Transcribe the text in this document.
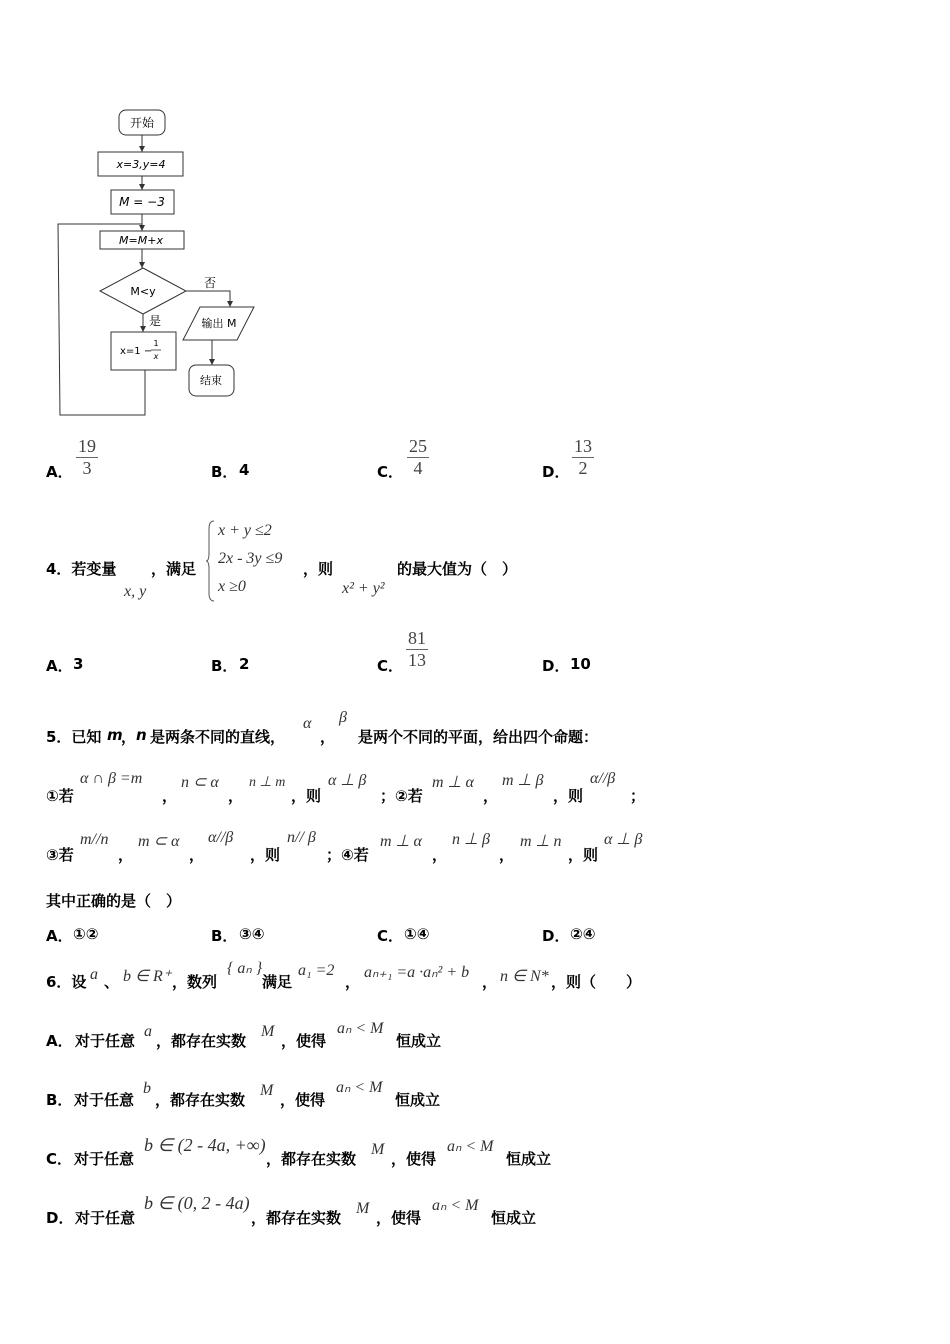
开始
x=3,y=4
M = −3
M=M+x
M<y
否
是	输出 M
x=1 −
1
x
结束
A． $\frac{19}{3}$	B． 4	C． $\frac{25}{4}$	D． $\frac{13}{2}$
4．若变量
x, y
，满足
x + y ≤2
2x - 3y ≤9
x ≥0
，则
x² + y²
的最大值为（　）
A． 3	B． 2	C． $\frac{81}{13}$	D． 10
5．已知 m
， n 是两条不同的直线，
α
，
β
是两个不同的平面，给出四个命题：
①若
α ∩ β =m
，
n ⊂ α
，
n ⊥ m
，则
α ⊥ β
；②若
m ⊥ α
，
m ⊥ β
，则
α//β
；
③若
m//n
，
m ⊂ α
，
α//β
，则
n// β
；④若
m ⊥ α
，
n ⊥ β
，
m ⊥ n
，则
α ⊥ β
其中正确的是（　）
A． ①②	B． ③④	C． ①④	D． ②④
6．设 a 、 b ∈ R⁺ ，数列
{ aₙ }
满足
a₁ =2
，
aₙ₊₁ =a ·aₙ² + b
， n ∈ N* ，则（　　）
A． 对于任意
a
，都存在实数
M
，使得
aₙ < M
恒成立
B． 对于任意
b
，都存在实数
M
，使得
aₙ < M
恒成立
C． 对于任意
b ∈ (2 - 4a, +∞)
，都存在实数
M
，使得
aₙ < M
恒成立
D． 对于任意
b ∈ (0, 2 - 4a)
，都存在实数
M
，使得
aₙ < M
恒成立
